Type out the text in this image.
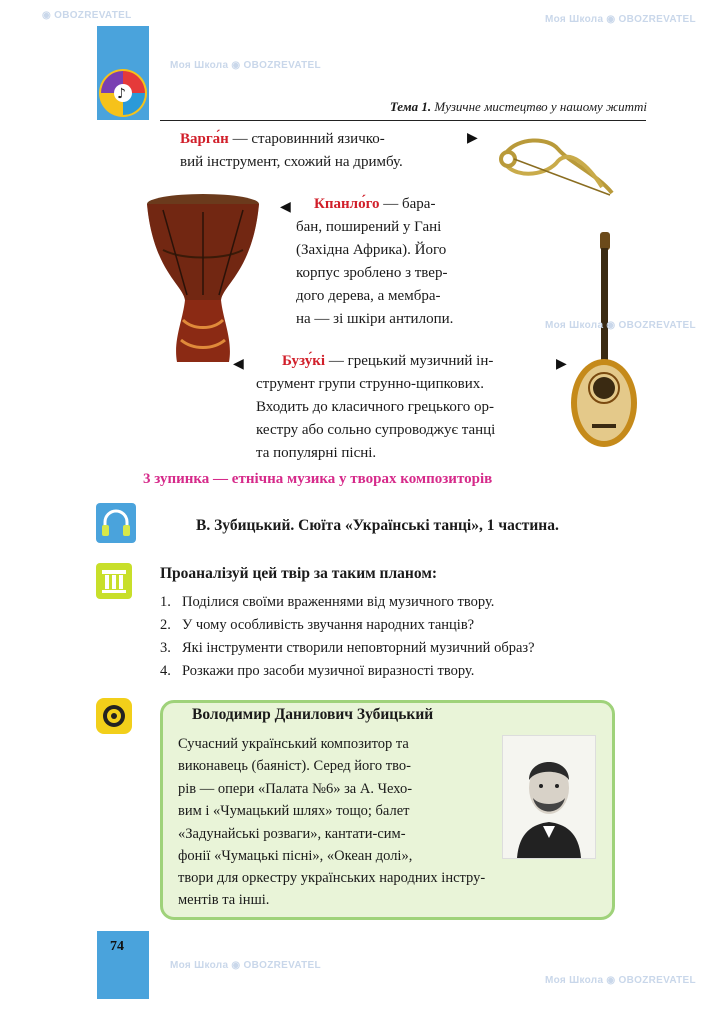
♪
Тема 1. Музичне мистецтво у нашому житті
Варга́н — старовинний язичко-
вий інструмент, схожий на дримбу.
▶
◀	Кпанло́го — бара-
бан, поширений у Гані
(Західна Африка). Його
корпус зроблено з твер-
дого дерева, а мембра-
на — зі шкіри антилопи.
▶
Бузу́кі — грецький музичний ін-
струмент групи струнно-щипкових.
Входить до класичного грецького ор-
кестру або сольно супроводжує танці
та популярні пісні.
◀
3 зупинка — етнічна музика у творах композиторів
В. Зубицький. Сюїта «Українські танці», 1 частина.
Проаналізуй цей твір за таким планом:
1. Поділися своїми враженнями від музичного твору.
2. У чому особливість звучання народних танців?
3. Які інструменти створили неповторний музичний образ?
4. Розкажи про засоби музичної виразності твору.
Володимир Данилович Зубицький
Сучасний український композитор та
виконавець (баяніст). Серед його тво-
рів — опери «Палата №6» за А. Чехо-
вим і «Чумацький шлях» тощо; балет
«Задунайські розваги», кантати-сим-
фонії «Чумацькі пісні», «Океан долі»,
твори для оркестру українських народних інстру-
ментів та інші.
74
Моя Школа ◉ OBOZREVATEL
◉ OBOZREVATEL	Моя Школа ◉ OBOZREVATEL
Моя Школа ◉ OBOZREVATEL
Моя Школа ◉ OBOZREVATEL
Моя Школа ◉ OBOZREVATEL
